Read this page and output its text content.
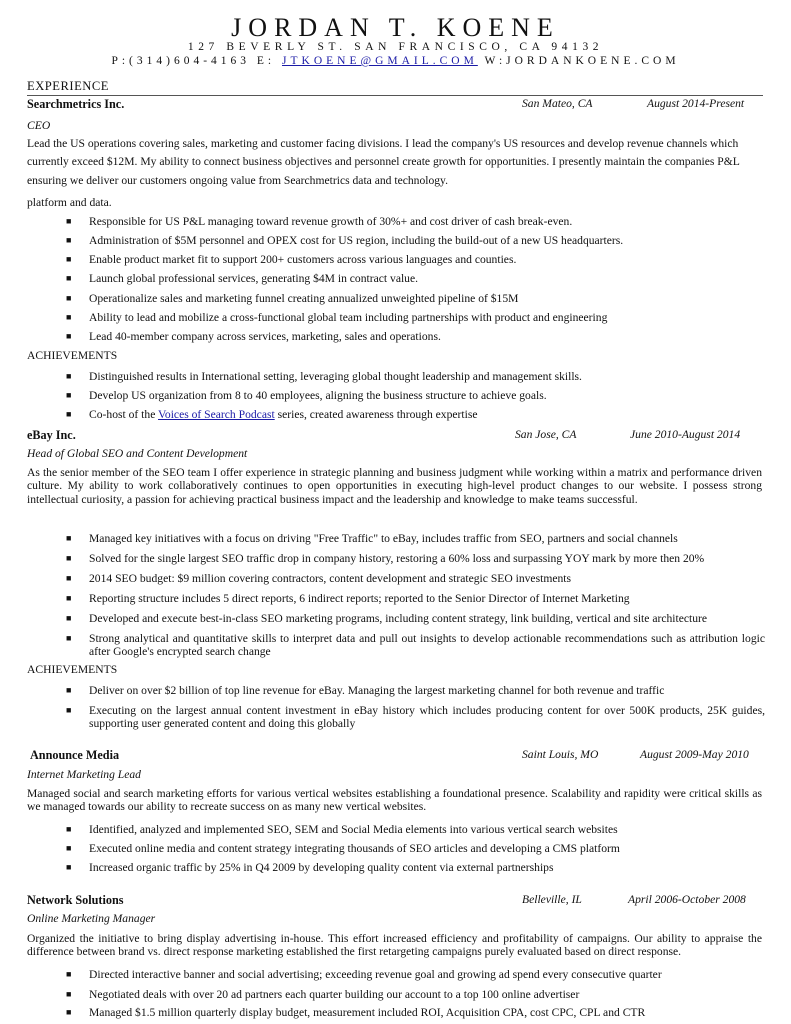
JORDAN T. KOENE
127 BEVERLY ST. SAN FRANCISCO, CA 94132
P:(314)604-4163 E: JTKOENE@GMAIL.COM W:JORDANKOENE.COM
EXPERIENCE
Searchmetrics Inc.	San Mateo, CA	August 2014-Present
CEO
Lead the US operations covering sales, marketing and customer facing divisions. I lead the company's US resources and develop revenue channels which currently exceed $12M. My ability to connect business objectives and personnel create growth for opportunities. I presently maintain the companies P&L ensuring we deliver our customers ongoing value from Searchmetrics data and technology.
platform and data.
■ Responsible for US P&L managing toward revenue growth of 30%+ and cost driver of cash break-even.
■ Administration of $5M personnel and OPEX cost for US region, including the build-out of a new US headquarters.
■ Enable product market fit to support 200+ customers across various languages and counties.
■ Launch global professional services, generating $4M in contract value.
■ Operationalize sales and marketing funnel creating annualized unweighted pipeline of $15M
■ Ability to lead and mobilize a cross-functional global team including partnerships with product and engineering
■ Lead 40-member company across services, marketing, sales and operations.
ACHIEVEMENTS
■ Distinguished results in International setting, leveraging global thought leadership and management skills.
■ Develop US organization from 8 to 40 employees, aligning the business structure to achieve goals.
■ Co-host of the Voices of Search Podcast series, created awareness through expertise
eBay Inc.	San Jose, CA	June 2010-August 2014
Head of Global SEO and Content Development
As the senior member of the SEO team I offer experience in strategic planning and business judgment while working within a matrix and performance driven culture. My ability to work collaboratively continues to open opportunities in executing high-level product changes to our website. I possess strong intellectual curiosity, a passion for achieving practical business impact and the leadership and knowledge to make teams successful.
■ Managed key initiatives with a focus on driving "Free Traffic" to eBay, includes traffic from SEO, partners and social channels
■ Solved for the single largest SEO traffic drop in company history, restoring a 60% loss and surpassing YOY mark by more then 20%
■ 2014 SEO budget: $9 million covering contractors, content development and strategic SEO investments
■ Reporting structure includes 5 direct reports, 6 indirect reports; reported to the Senior Director of Internet Marketing
■ Developed and execute best-in-class SEO marketing programs, including content strategy, link building, vertical and site architecture
■ Strong analytical and quantitative skills to interpret data and pull out insights to develop actionable recommendations such as attribution logic after Google's encrypted search change
ACHIEVEMENTS
■ Deliver on over $2 billion of top line revenue for eBay. Managing the largest marketing channel for both revenue and traffic
■ Executing on the largest annual content investment in eBay history which includes producing content for over 500K products, 25K guides, supporting user generated content and doing this globally
Announce Media	Saint Louis, MO	August 2009-May 2010
Internet Marketing Lead
Managed social and search marketing efforts for various vertical websites establishing a foundational presence. Scalability and rapidity were critical skills as we managed towards our ability to recreate success on as many new vertical websites.
■ Identified, analyzed and implemented SEO, SEM and Social Media elements into various vertical search websites
■ Executed online media and content strategy integrating thousands of SEO articles and developing a CMS platform
■ Increased organic traffic by 25% in Q4 2009 by developing quality content via external partnerships
Network Solutions	Belleville, IL	April 2006-October 2008
Online Marketing Manager
Organized the initiative to bring display advertising in-house. This effort increased efficiency and profitability of campaigns. Our ability to appraise the difference between brand vs. direct response marketing established the first retargeting campaigns purely evaluated based on direct response.
■ Directed interactive banner and social advertising; exceeding revenue goal and growing ad spend every consecutive quarter
■ Negotiated deals with over 20 ad partners each quarter building our account to a top 100 online advertiser
■ Managed $1.5 million quarterly display budget, measurement included ROI, Acquisition CPA, cost CPC, CPL and CTR
